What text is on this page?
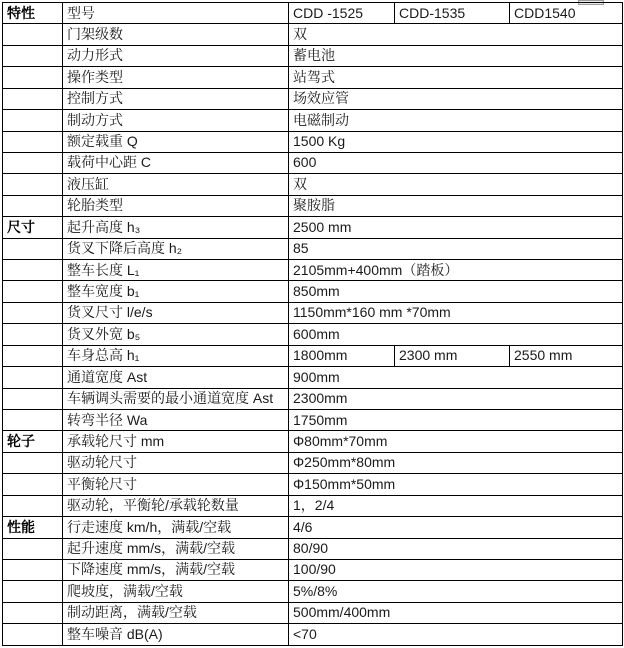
特性	型号	CDD -1525	CDD-1535	CDD1540
	门架级数	双		
	动力形式	蓄电池		
	操作类型	站驾式		
	控制方式	场效应管		
	制动方式	电磁制动		
	额定载重 Q	1500 Kg		
	载荷中心距 C	600		
	液压缸	双		
	轮胎类型	聚胺脂		
尺寸	起升高度 h₃	2500 mm		
	货叉下降后高度 h₂	85		
	整车长度 L₁	2105mm+400mm（踏板）		
	整车宽度 b₁	850mm		
	货叉尺寸 l/e/s	1150mm*160 mm *70mm		
	货叉外宽 b₅	600mm		
	车身总高 h₁	1800mm	2300 mm	2550 mm
	通道宽度 Ast	900mm		
	车辆调头需要的最小通道宽度 Ast	2300mm		
	转弯半径 Wa	1750mm		
轮子	承载轮尺寸 mm	Φ80mm*70mm		
	驱动轮尺寸	Φ250mm*80mm		
	平衡轮尺寸	Φ150mm*50mm		
	驱动轮，平衡轮/承载轮数量	1，2/4		
性能	行走速度 km/h，满载/空载	4/6		
	起升速度 mm/s，满载/空载	80/90		
	下降速度 mm/s，满载/空载	100/90		
	爬坡度，满载/空载	5%/8%		
	制动距离，满载/空载	500mm/400mm		
	整车噪音 dB(A)	<70		
